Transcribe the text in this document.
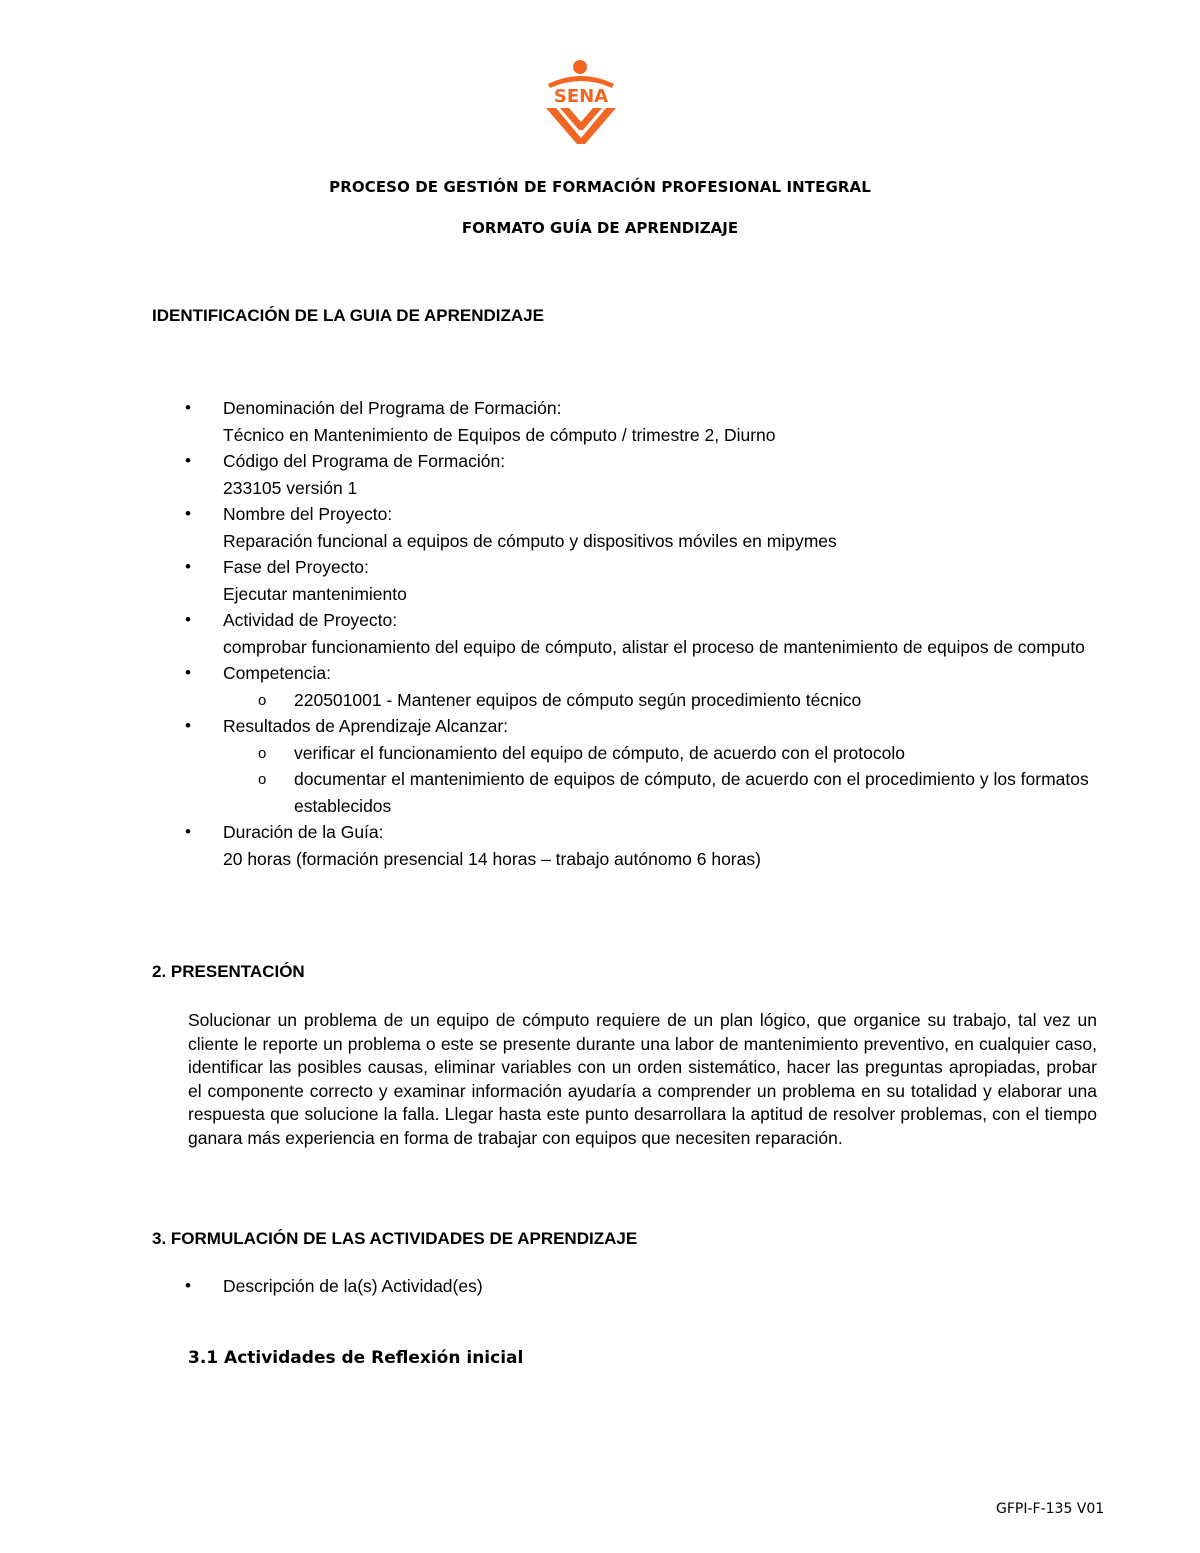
SENA
PROCESO DE GESTIÓN DE FORMACIÓN PROFESIONAL INTEGRAL
FORMATO GUÍA DE APRENDIZAJE
IDENTIFICACIÓN DE LA GUIA DE APRENDIZAJE
• Denominación del Programa de Formación:
Técnico en Mantenimiento de Equipos de cómputo / trimestre 2, Diurno
• Código del Programa de Formación:
233105 versión 1
• Nombre del Proyecto:
Reparación funcional a equipos de cómputo y dispositivos móviles en mipymes
• Fase del Proyecto:
Ejecutar mantenimiento
• Actividad de Proyecto:
comprobar funcionamiento del equipo de cómputo, alistar el proceso de mantenimiento de equipos de computo
• Competencia:
o 220501001 - Mantener equipos de cómputo según procedimiento técnico
• Resultados de Aprendizaje Alcanzar:
o verificar el funcionamiento del equipo de cómputo, de acuerdo con el protocolo
o documentar el mantenimiento de equipos de cómputo, de acuerdo con el procedimiento y los formatos establecidos
• Duración de la Guía:
20 horas (formación presencial 14 horas – trabajo autónomo 6 horas)
2. PRESENTACIÓN

Solucionar un problema de un equipo de cómputo requiere de un plan lógico, que organice su trabajo, tal vez un cliente le reporte un problema o este se presente durante una labor de mantenimiento preventivo, en cualquier caso, identificar las posibles causas, eliminar variables con un orden sistemático, hacer las preguntas apropiadas, probar el componente correcto y examinar información ayudaría a comprender un problema en su totalidad y elaborar una respuesta que solucione la falla. Llegar hasta este punto desarrollara la aptitud de resolver problemas, con el tiempo ganara más experiencia en forma de trabajar con equipos que necesiten reparación.

3. FORMULACIÓN DE LAS ACTIVIDADES DE APRENDIZAJE
• Descripción de la(s) Actividad(es)

3.1 Actividades de Reflexión inicial
GFPI-F-135 V01
